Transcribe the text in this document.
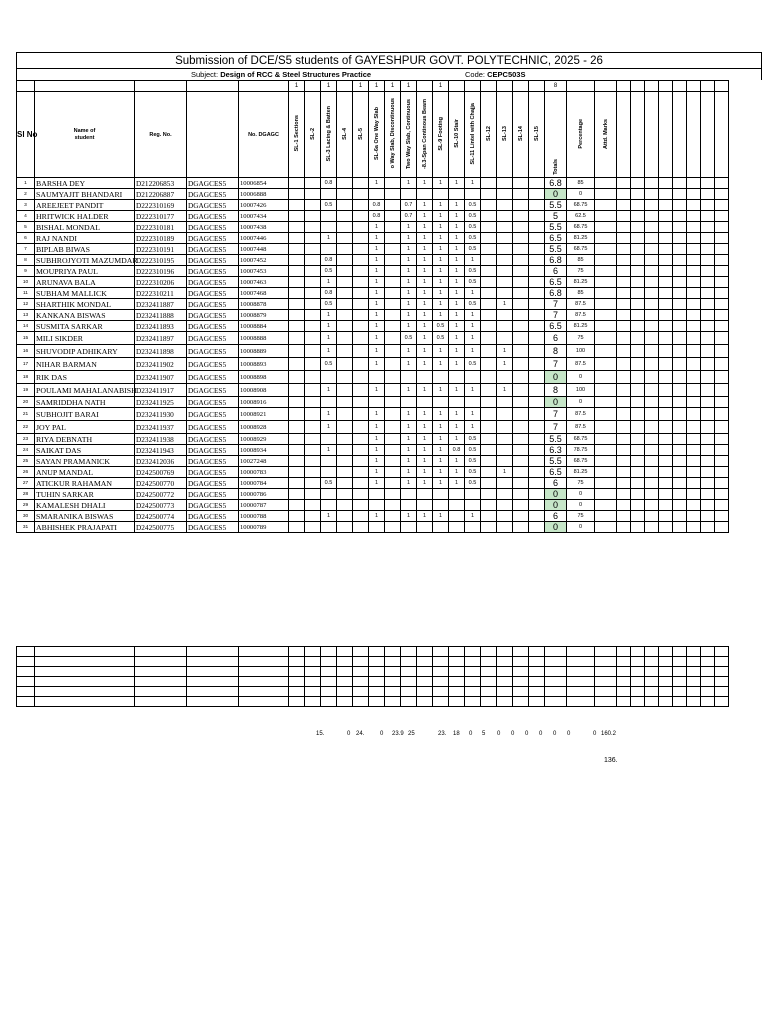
Submission of DCE/S5 students of GAYESHPUR GOVT. POLYTECHNIC, 2025 - 26
Subject: Design of RCC & Steel Structures Practice	Code: CEPC503S
					1		1		1	1	1	1		1							8										
Sl No	Name of student	Reg. No.		No. DGAGC	SL-1 Sections	SL-2	SL-3 Lacing & Batten	SL-4	SL-5	SL-6a One Way Slab	o Way Slab, Discontinuous	Two Way Slab, Continuous	-8.3-Span Continous Beam	SL-9 Footing	SL-10 Stair	SL-11 Lintel with Chajja	SL-12	SL-13	SL-14	SL-15	Totals	Percentage	Attd. Marks								
1	BARSHA DEY	D212206853	DGAGCES5	10006854			0.8			1		1	1	1	1	1					6.8	85									
2	SAUMYAJIT BHANDARI	D212206887	DGAGCES5	10006888																	0	0									
3	AREEJEET PANDIT	D222310169	DGAGCES5	10007426			0.5			0.8		0.7	1	1	1	0.5					5.5	68.75									
4	HRITWICK HALDER	D222310177	DGAGCES5	10007434						0.8		0.7	1	1	1	0.5					5	62.5									
5	BISHAL MONDAL	D222310181	DGAGCES5	10007438						1		1	1	1	1	0.5					5.5	68.75									
6	RAJ NANDI	D222310189	DGAGCES5	10007446			1			1		1	1	1	1	0.5					6.5	81.25									
7	BIPLAB BIWAS	D222310191	DGAGCES5	10007448						1		1	1	1	1	0.5					5.5	68.75									
8	SUBHROJYOTI MAZUMDAR	D222310195	DGAGCES5	10007452			0.8			1		1	1	1	1	1					6.8	85									
9	MOUPRIYA PAUL	D222310196	DGAGCES5	10007453			0.5			1		1	1	1	1	0.5					6	75									
10	ARUNAVA BALA	D222310206	DGAGCES5	10007463			1			1		1	1	1	1	0.5					6.5	81.25									
11	SUBHAM MALLICK	D222310211	DGAGCES5	10007468			0.8			1		1	1	1	1	1					6.8	85									
12	SHARTHIK MONDAL	D232411887	DGAGCES5	10008878			0.5			1		1	1	1	1	0.5		1			7	87.5									
13	KANKANA BISWAS	D232411888	DGAGCES5	10008879			1			1		1	1	1	1	1					7	87.5									
14	SUSMITA SARKAR	D232411893	DGAGCES5	10008884			1			1		1	1	0.5	1	1					6.5	81.25									
15	MILI SIKDER	D232411897	DGAGCES5	10008888			1			1		0.5	1	0.5	1	1					6	75									
16	SHUVODIP ADHIKARY	D232411898	DGAGCES5	10008889			1			1		1	1	1	1	1		1			8	100									
17	NIHAR BARMAN	D232411902	DGAGCES5	10008893			0.5			1		1	1	1	1	0.5		1			7	87.5									
18	RIK DAS	D232411907	DGAGCES5	10008898																	0	0									
19	POULAMI MAHALANABISH	D232411917	DGAGCES5	10008908			1			1		1	1	1	1	1		1			8	100									
20	SAMRIDDHA NATH	D232411925	DGAGCES5	10008916																	0	0									
21	SUBHOJIT BARAI	D232411930	DGAGCES5	10008921			1			1		1	1	1	1	1					7	87.5									
22	JOY PAL	D232411937	DGAGCES5	10008928			1			1		1	1	1	1	1					7	87.5									
23	RIYA DEBNATH	D232411938	DGAGCES5	10008929						1		1	1	1	1	0.5					5.5	68.75									
24	SAIKAT DAS	D232411943	DGAGCES5	10008934			1			1		1	1	1	0.8	0.5					6.3	78.75									
25	SAYAN PRAMANICK	D232412036	DGAGCES5	10027248						1		1	1	1	1	0.5					5.5	68.75									
26	ANUP MANDAL	D242500769	DGAGCES5	10000783						1		1	1	1	1	0.5		1			6.5	81.25									
27	ATICKUR RAHAMAN	D242500770	DGAGCES5	10000784			0.5			1		1	1	1	1	0.5					6	75									
28	TUHIN SARKAR	D242500772	DGAGCES5	10000786																	0	0									
29	KAMALESH DHALI	D242500773	DGAGCES5	10000787																	0	0									
30	SMARANIKA BISWAS	D242500774	DGAGCES5	10000788			1			1		1	1	1		1					6	75									
31	ABHISHEK PRAJAPATI	D242500775	DGAGCES5	10000789																	0	0									

15.	0 24.	0 23.9 25	23. 18 0 5 0 0 0 0 0 0	0 160.2
136.
